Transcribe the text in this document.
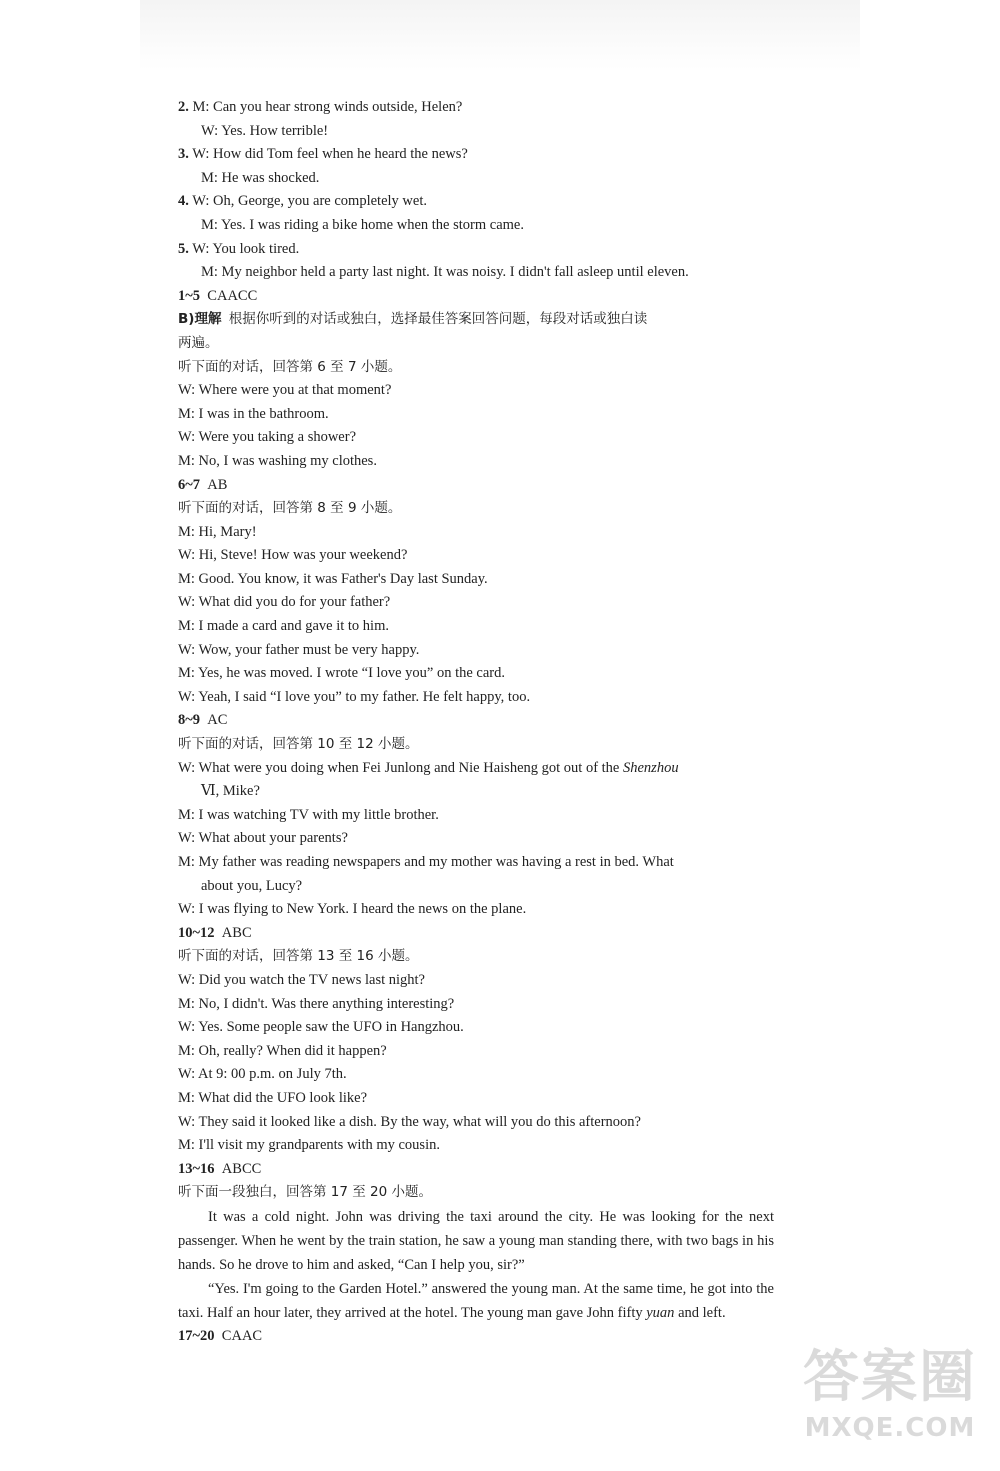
2. M: Can you hear strong winds outside, Helen?
W: Yes. How terrible!
3. W: How did Tom feel when he heard the news?
M: He was shocked.
4. W: Oh, George, you are completely wet.
M: Yes. I was riding a bike home when the storm came.
5. W: You look tired.
M: My neighbor held a party last night. It was noisy. I didn't fall asleep until eleven.
1~5 CAACC
B)理解 根据你听到的对话或独白，选择最佳答案回答问题，每段对话或独白读
两遍。
听下面的对话，回答第 6 至 7 小题。
W: Where were you at that moment?
M: I was in the bathroom.
W: Were you taking a shower?
M: No, I was washing my clothes.
6~7 AB
听下面的对话，回答第 8 至 9 小题。
M: Hi, Mary!
W: Hi, Steve! How was your weekend?
M: Good. You know, it was Father's Day last Sunday.
W: What did you do for your father?
M: I made a card and gave it to him.
W: Wow, your father must be very happy.
M: Yes, he was moved. I wrote “I love you” on the card.
W: Yeah, I said “I love you” to my father. He felt happy, too.
8~9 AC
听下面的对话，回答第 10 至 12 小题。
W: What were you doing when Fei Junlong and Nie Haisheng got out of the Shenzhou
Ⅵ, Mike?
M: I was watching TV with my little brother.
W: What about your parents?
M: My father was reading newspapers and my mother was having a rest in bed. What
about you, Lucy?
W: I was flying to New York. I heard the news on the plane.
10~12 ABC
听下面的对话，回答第 13 至 16 小题。
W: Did you watch the TV news last night?
M: No, I didn't. Was there anything interesting?
W: Yes. Some people saw the UFO in Hangzhou.
M: Oh, really? When did it happen?
W: At 9: 00 p.m. on July 7th.
M: What did the UFO look like?
W: They said it looked like a dish. By the way, what will you do this afternoon?
M: I'll visit my grandparents with my cousin.
13~16 ABCC
听下面一段独白，回答第 17 至 20 小题。
It was a cold night. John was driving the taxi around the city. He was looking for the next passenger. When he went by the train station, he saw a young man standing there, with two bags in his hands. So he drove to him and asked, “Can I help you, sir?”
“Yes. I'm going to the Garden Hotel.” answered the young man. At the same time, he got into the taxi. Half an hour later, they arrived at the hotel. The young man gave John fifty yuan and left.
17~20 CAAC
答案圈
MXQE.COM
